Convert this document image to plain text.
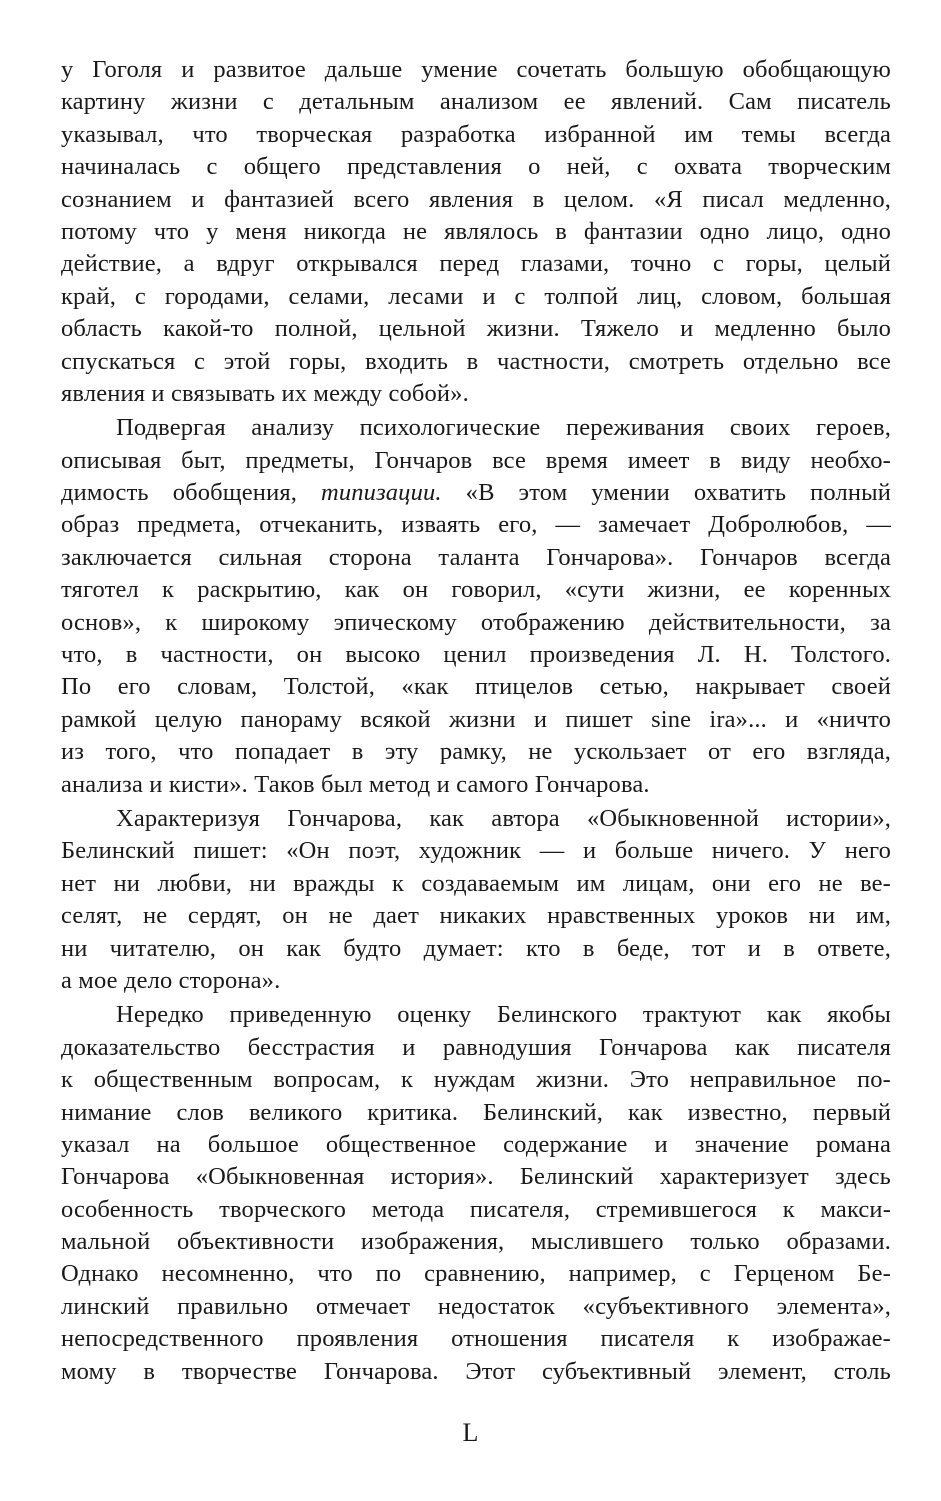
у Гоголя и развитое дальше умение сочетать большую обобщающую
картину жизни с детальным анализом ее явлений. Сам писатель
указывал, что творческая разработка избранной им темы всегда
начиналась с общего представления о ней, с охвата творческим
сознанием и фантазией всего явления в целом. «Я писал медленно,
потому что у меня никогда не являлось в фантазии одно лицо, одно
действие, а вдруг открывался перед глазами, точно с горы, целый
край, с городами, селами, лесами и с толпой лиц, словом, большая
область какой-то полной, цельной жизни. Тяжело и медленно было
спускаться с этой горы, входить в частности, смотреть отдельно все
явления и связывать их между собой».
Подвергая анализу психологические переживания своих героев,
описывая быт, предметы, Гончаров все время имеет в виду необхо-
димость обобщения, типизации. «В этом умении охватить полный
образ предмета, отчеканить, изваять его, — замечает Добролюбов, —
заключается сильная сторона таланта Гончарова». Гончаров всегда
тяготел к раскрытию, как он говорил, «сути жизни, ее коренных
основ», к широкому эпическому отображению действительности, за
что, в частности, он высоко ценил произведения Л. Н. Толстого.
По его словам, Толстой, «как птицелов сетью, накрывает своей
рамкой целую панораму всякой жизни и пишет sine ira»... и «ничто
из того, что попадает в эту рамку, не ускользает от его взгляда,
анализа и кисти». Таков был метод и самого Гончарова.
Характеризуя Гончарова, как автора «Обыкновенной истории»,
Белинский пишет: «Он поэт, художник — и больше ничего. У него
нет ни любви, ни вражды к создаваемым им лицам, они его не ве-
селят, не сердят, он не дает никаких нравственных уроков ни им,
ни читателю, он как будто думает: кто в беде, тот и в ответе,
а мое дело сторона».
Нередко приведенную оценку Белинского трактуют как якобы
доказательство бесстрастия и равнодушия Гончарова как писателя
к общественным вопросам, к нуждам жизни. Это неправильное по-
нимание слов великого критика. Белинский, как известно, первый
указал на большое общественное содержание и значение романа
Гончарова «Обыкновенная история». Белинский характеризует здесь
особенность творческого метода писателя, стремившегося к макси-
мальной объективности изображения, мыслившего только образами.
Однако несомненно, что по сравнению, например, с Герценом Бе-
линский правильно отмечает недостаток «субъективного элемента»,
непосредственного проявления отношения писателя к изображае-
мому в творчестве Гончарова. Этот субъективный элемент, столь
L
